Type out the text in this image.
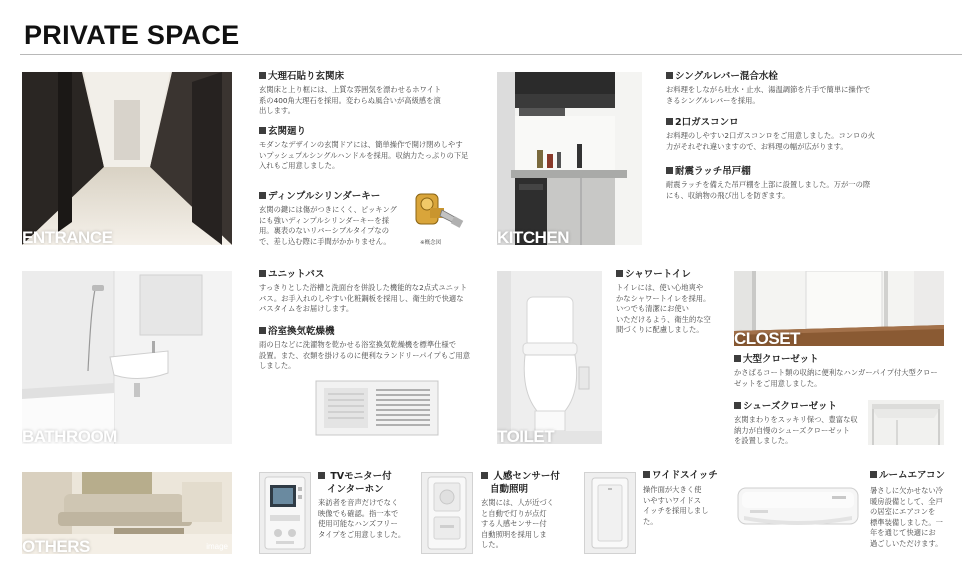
PRIVATE SPACE
ENTRANCE
大理石貼り玄関床
玄関床と上り框には、上質な雰囲気を漂わせるホワイト
系の400角大理石を採用。変わらぬ風合いが高級感を演
出します。
玄関廻り
モダンなデザインの玄関ドアには、簡単操作で開け閉めしやす
いプッシュプルシングルハンドルを採用。収納力たっぷりの下足
入れもご用意しました。
ディンプルシリンダーキー
玄関の鍵には傷がつきにくく、ピッキング
にも強いディンプルシリンダーキーを採
用。裏表のないリバーシブルタイプなの
で、差し込む際に手間がかかりません。	※概念図	KITCHEN
シングルレバー混合水栓
お料理をしながら吐水・止水、湯温調節を片手で簡単に操作で
きるシングルレバーを採用。
2口ガスコンロ
お料理のしやすい2口ガスコンロをご用意しました。コンロの火
力がそれぞれ違いますので、お料理の幅が広がります。
耐震ラッチ吊戸棚
耐震ラッチを備えた吊戸棚を上部に設置しました。万が一の際
にも、収納物の飛び出しを防ぎます。
BATHROOM
ユニットバス
すっきりとした浴槽と洗面台を併設した機能的な2点式ユニット
バス。お手入れのしやすい化粧鋼板を採用し、衛生的で快適な
バスタイムをお届けします。
浴室換気乾燥機
雨の日などに洗濯物を乾かせる浴室換気乾燥機を標準仕様で
設置。また、衣類を掛けるのに便利なランドリーパイプもご用意
しました。
TOILET
シャワートイレ
トイレには、使い心地爽や
かなシャワートイレを採用。
いつでも清潔にお使い
いただけるよう、衛生的な空
間づくりに配慮しました。	CLOSET
大型クローゼット
かさばるコート類の収納に便利なハンガーパイプ付大型クロー
ゼットをご用意しました。
シューズクローゼット
玄関まわりをスッキリ保つ、豊富な収
納力が自慢のシューズクローゼット
を設置しました。
OTHERS	image
TVモニター付
インターホン
来訪者を音声だけでなく
映像でも確認。指一本で
使用可能なハンズフリー
タイプをご用意しました。
人感センサー付
自動照明
玄関には、人が近づく
と自動で灯りが点灯
する人感センサー付
自動照明を採用しま
した。
ワイドスイッチ
操作面が大きく使
いやすいワイドス
イッチを採用しまし
た。
ルームエアコン
暑さしに欠かせない冷
暖房設備として、全戸
の居室にエアコンを
標準装備しました。一
年を通じて快適にお
過ごしいただけます。
